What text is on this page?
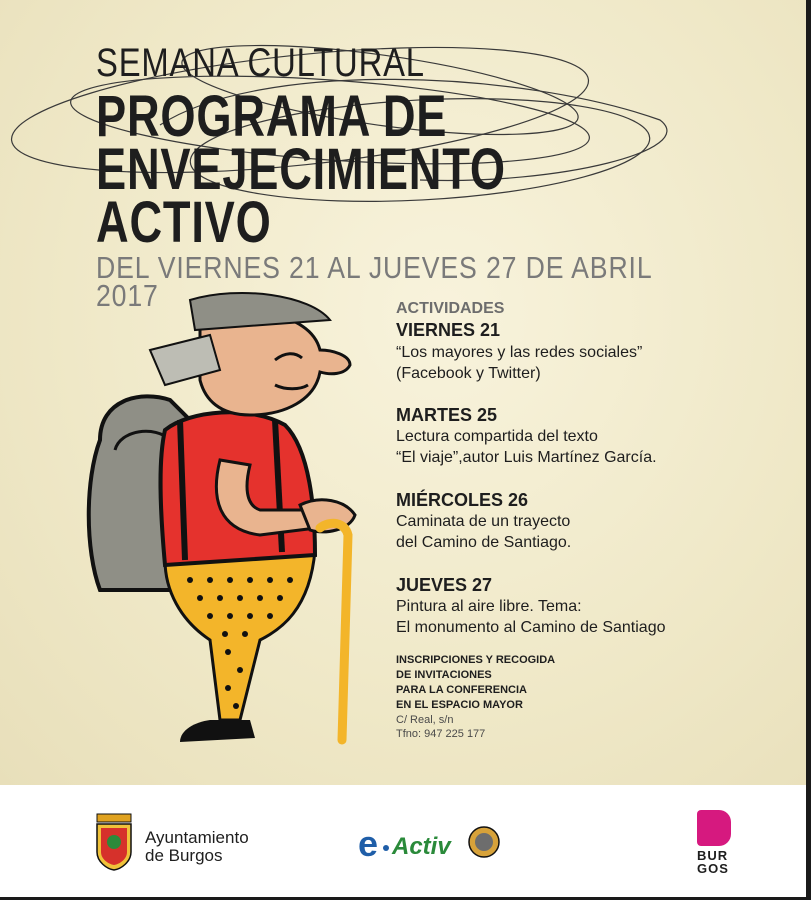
SEMANA CULTURAL
PROGRAMA DE
ENVEJECIMIENTO
ACTIVO
DEL VIERNES 21 AL JUEVES 27 DE ABRIL
2017	ACTIVIDADES
VIERNES 21
“Los mayores y las redes sociales”
(Facebook y Twitter)
MARTES 25
Lectura compartida del texto
“El viaje”,autor Luis Martínez García.
MIÉRCOLES 26
Caminata de un trayecto
del Camino de Santiago.
JUEVES 27
Pintura al aire libre. Tema:
El monumento al Camino de Santiago
INSCRIPCIONES Y RECOGIDA
DE INVITACIONES
PARA LA CONFERENCIA
EN EL ESPACIO MAYOR
C/ Real, s/n
Tfno: 947 225 177
Ayuntamiento
de Burgos	e Activ	BUR
GOS
